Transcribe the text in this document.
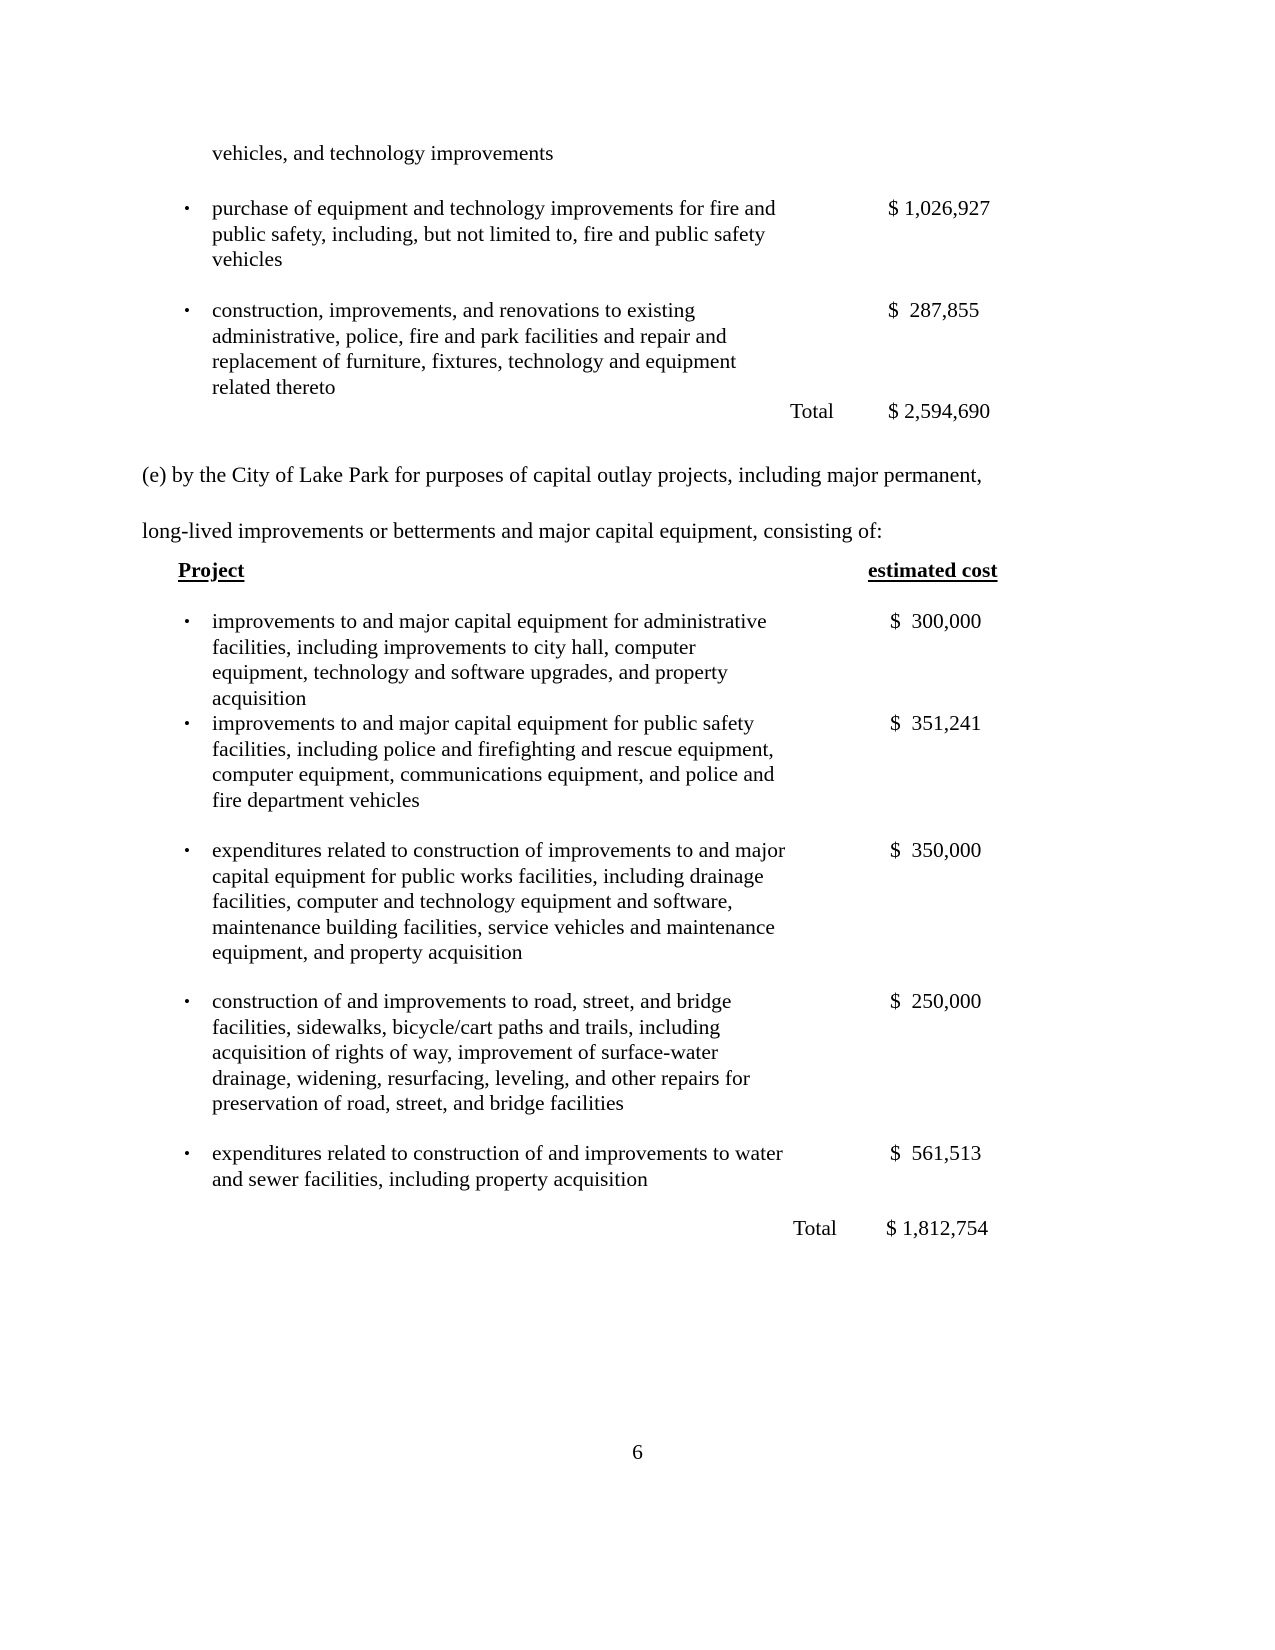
vehicles, and technology improvements
•	purchase of equipment and technology improvements for fire and public safety, including, but not limited to, fire and public safety vehicles
$ 1,026,927
•	construction, improvements, and renovations to existing administrative, police, fire and park facilities and repair and replacement of furniture, fixtures, technology and equipment related thereto
$  287,855
Total	$ 2,594,690
(e) by the City of Lake Park for purposes of capital outlay projects, including major permanent,
long-lived improvements or betterments and major capital equipment, consisting of:
Project	estimated cost
•	improvements to and major capital equipment for administrative facilities, including improvements to city hall, computer equipment, technology and software upgrades, and property acquisition
$  300,000
•	improvements to and major capital equipment for public safety facilities, including police and firefighting and rescue equipment, computer equipment, communications equipment, and police and fire department vehicles
$  351,241
•	expenditures related to construction of improvements to and major capital equipment for public works facilities, including drainage facilities, computer and technology equipment and software, maintenance building facilities, service vehicles and maintenance equipment, and property acquisition
$  350,000
•	construction of and improvements to road, street, and bridge facilities, sidewalks, bicycle/cart paths and trails, including acquisition of rights of way, improvement of surface-water drainage, widening, resurfacing, leveling, and other repairs for preservation of road, street, and bridge facilities
$  250,000
•	expenditures related to construction of and improvements to water and sewer facilities, including property acquisition
$  561,513
Total $ 1,812,754
6
